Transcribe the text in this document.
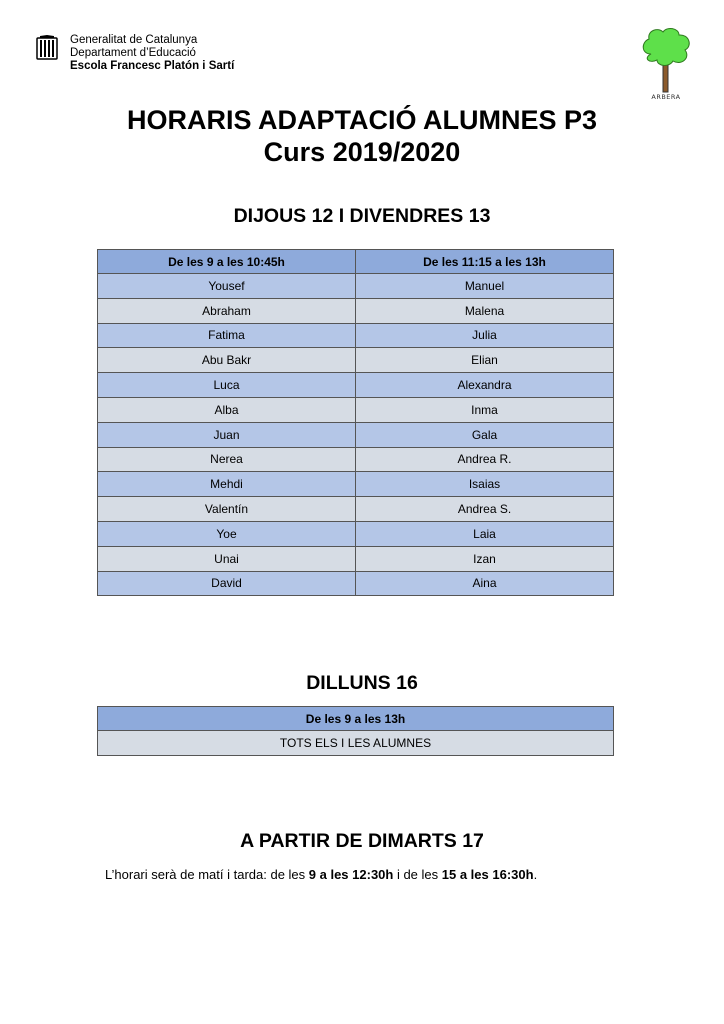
Generalitat de Catalunya
Departament d’Educació
Escola Francesc Platón i Sartí
ARBERA
HORARIS ADAPTACIÓ ALUMNES P3
Curs 2019/2020
DIJOUS 12 I DIVENDRES 13
De les 9 a les 10:45h	De les 11:15 a les 13h
Yousef	Manuel
Abraham	Malena
Fatima	Julia
Abu Bakr	Elian
Luca	Alexandra
Alba	Inma
Juan	Gala
Nerea	Andrea R.
Mehdi	Isaias
Valentín	Andrea S.
Yoe	Laia
Unai	Izan
David	Aina
DILLUNS 16
De les 9 a les 13h
TOTS ELS I LES ALUMNES
A PARTIR DE DIMARTS 17
L’horari serà de matí i tarda: de les 9 a les 12:30h i de les 15 a les 16:30h.
